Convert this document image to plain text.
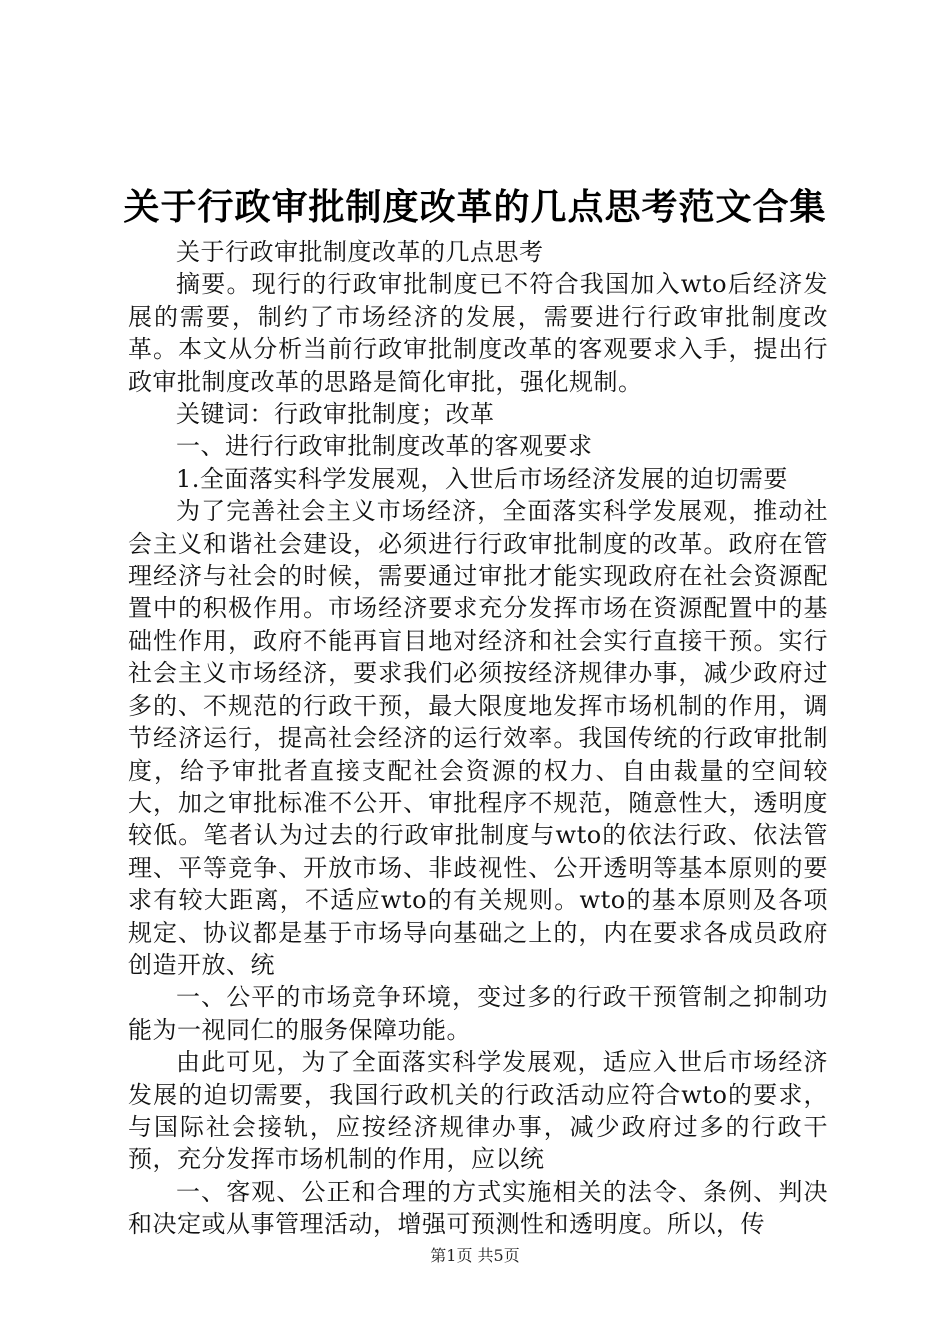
关于行政审批制度改革的几点思考范文合集

关于行政审批制度改革的几点思考

摘要。现行的行政审批制度已不符合我国加入wto后经济发展的需要，制约了市场经济的发展，需要进行行政审批制度改革。本文从分析当前行政审批制度改革的客观要求入手，提出行政审批制度改革的思路是简化审批，强化规制。

关键词：行政审批制度；改革

一、进行行政审批制度改革的客观要求

1.全面落实科学发展观，入世后市场经济发展的迫切需要

为了完善社会主义市场经济，全面落实科学发展观，推动社会主义和谐社会建设，必须进行行政审批制度的改革。政府在管理经济与社会的时候，需要通过审批才能实现政府在社会资源配置中的积极作用。市场经济要求充分发挥市场在资源配置中的基础性作用，政府不能再盲目地对经济和社会实行直接干预。实行社会主义市场经济，要求我们必须按经济规律办事，减少政府过多的、不规范的行政干预，最大限度地发挥市场机制的作用，调节经济运行，提高社会经济的运行效率。我国传统的行政审批制度，给予审批者直接支配社会资源的权力、自由裁量的空间较大，加之审批标准不公开、审批程序不规范，随意性大，透明度较低。笔者认为过去的行政审批制度与wto的依法行政、依法管理、平等竞争、开放市场、非歧视性、公开透明等基本原则的要求有较大距离，不适应wto的有关规则。wto的基本原则及各项规定、协议都是基于市场导向基础之上的，内在要求各成员政府创造开放、统

一、公平的市场竞争环境，变过多的行政干预管制之抑制功能为一视同仁的服务保障功能。

由此可见，为了全面落实科学发展观，适应入世后市场经济发展的迫切需要，我国行政机关的行政活动应符合wto的要求，与国际社会接轨，应按经济规律办事，减少政府过多的行政干预，充分发挥市场机制的作用，应以统

一、客观、公正和合理的方式实施相关的法令、条例、判决和决定或从事管理活动，增强可预测性和透明度。所以，传

第1页 共5页
